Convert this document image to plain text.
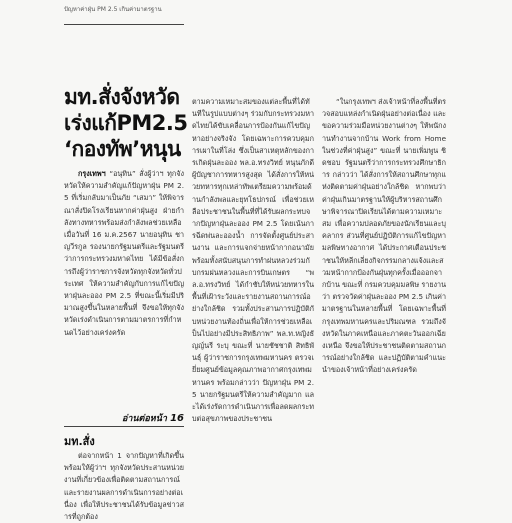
ปัญหาค่าฝุ่น PM 2.5 เกินค่ามาตรฐาน
มท.สั่งจังหวัด
เร่งแก้PM2.5
‘กองทัพ’หนุน

กรุงเทพฯ “อนุทิน” สั่งผู้ว่าฯ ทุกจังหวัดให้ความสำคัญแก้ปัญหาฝุ่น PM 2.5 ที่เริ่มกลับมาเป็นภัย “เสมา” ให้พิจารณาสั่งปิดโรงเรียนหากค่าฝุ่นสูง ฝ่ายกำลังทางทหารพร้อมส่งกำลังพลช่วยเหลือ เมื่อวันที่ 16 ม.ค.2567 นายอนุทิน ชาญวีรกูล รองนายกรัฐมนตรีและรัฐมนตรีว่าการกระทรวงมหาดไทย ได้มีข้อสั่งการถึงผู้ว่าราชการจังหวัดทุกจังหวัดทั่วประเทศ ให้ความสำคัญกับการแก้ไขปัญหาฝุ่นละออง PM 2.5 ที่ขณะนี้เริ่มมีปริมาณสูงขึ้นในหลายพื้นที่ จึงขอให้ทุกจังหวัดเร่งดำเนินการตามมาตรการที่กำหนดไว้อย่างเคร่งครัด

อ่านต่อหน้า 16
มท.สั่ง

ต่อจากหน้า 1 จากปัญหาที่เกิดขึ้นพร้อมให้ผู้ว่าฯ ทุกจังหวัดประสานหน่วยงานที่เกี่ยวข้องเพื่อติดตามสถานการณ์ และรายงานผลการดำเนินการอย่างต่อเนื่อง เพื่อให้ประชาชนได้รับข้อมูลข่าวสารที่ถูกต้อง

ตามความเหมาะสมของแต่ละพื้นที่ได้ทันทีในรูปแบบต่างๆ ร่วมกับกระทรวงมหาดไทยได้ขับเคลื่อนการป้องกันแก้ไขปัญหาอย่างจริงจัง โดยเฉพาะการควบคุมการเผาในที่โล่ง ซึ่งเป็นสาเหตุหลักของการเกิดฝุ่นละออง พล.อ.ทรงวิทย์ หนุนภักดี ผู้บัญชาการทหารสูงสุด ได้สั่งการให้หน่วยทหารทุกเหล่าทัพเตรียมความพร้อมด้านกำลังพลและยุทโธปกรณ์ เพื่อช่วยเหลือประชาชนในพื้นที่ที่ได้รับผลกระทบจากปัญหาฝุ่นละออง PM 2.5 โดยเน้นการฉีดพ่นละอองน้ำ การจัดตั้งศูนย์ประสานงาน และการแจกจ่ายหน้ากากอนามัย พร้อมทั้งสนับสนุนการทำฝนหลวงร่วมกับกรมฝนหลวงและการบินเกษตร “พล.อ.ทรงวิทย์ ได้กำชับให้หน่วยทหารในพื้นที่เฝ้าระวังและรายงานสถานการณ์อย่างใกล้ชิด รวมทั้งประสานการปฏิบัติกับหน่วยงานท้องถิ่นเพื่อให้การช่วยเหลือเป็นไปอย่างมีประสิทธิภาพ” พล.ท.หญิงธัญญ์นรี ระบุ ขณะที่ นายชัชชาติ สิทธิพันธุ์ ผู้ว่าราชการกรุงเทพมหานคร ตรวจเยี่ยมศูนย์ข้อมูลคุณภาพอากาศกรุงเทพมหานคร พร้อมกล่าวว่า ปัญหาฝุ่น PM 2.5 นายกรัฐมนตรีให้ความสำคัญมาก และได้เร่งรัดการดำเนินการเพื่อลดผลกระทบต่อสุขภาพของประชาชน

“ในกรุงเทพฯ ส่งเจ้าหน้าที่ลงพื้นที่ตรวจสอบแหล่งกำเนิดฝุ่นอย่างต่อเนื่อง และขอความร่วมมือหน่วยงานต่างๆ ให้พนักงานทำงานจากบ้าน Work from Home ในช่วงที่ค่าฝุ่นสูง” ขณะที่ นายเพิ่มพูน ชิดชอบ รัฐมนตรีว่าการกระทรวงศึกษาธิการ กล่าวว่า ได้สั่งการให้สถานศึกษาทุกแห่งติดตามค่าฝุ่นอย่างใกล้ชิด หากพบว่าค่าฝุ่นเกินมาตรฐานให้ผู้บริหารสถานศึกษาพิจารณาปิดเรียนได้ตามความเหมาะสม เพื่อความปลอดภัยของนักเรียนและบุคลากร ส่วนที่ศูนย์ปฏิบัติการแก้ไขปัญหามลพิษทางอากาศ ได้ประกาศเตือนประชาชนให้หลีกเลี่ยงกิจกรรมกลางแจ้งและสวมหน้ากากป้องกันฝุ่นทุกครั้งเมื่อออกจากบ้าน ขณะที่ กรมควบคุมมลพิษ รายงานว่า ตรวจวัดค่าฝุ่นละออง PM 2.5 เกินค่ามาตรฐานในหลายพื้นที่ โดยเฉพาะพื้นที่กรุงเทพมหานครและปริมณฑล รวมถึงจังหวัดในภาคเหนือและภาคตะวันออกเฉียงเหนือ จึงขอให้ประชาชนติดตามสถานการณ์อย่างใกล้ชิด และปฏิบัติตามคำแนะนำของเจ้าหน้าที่อย่างเคร่งครัด
